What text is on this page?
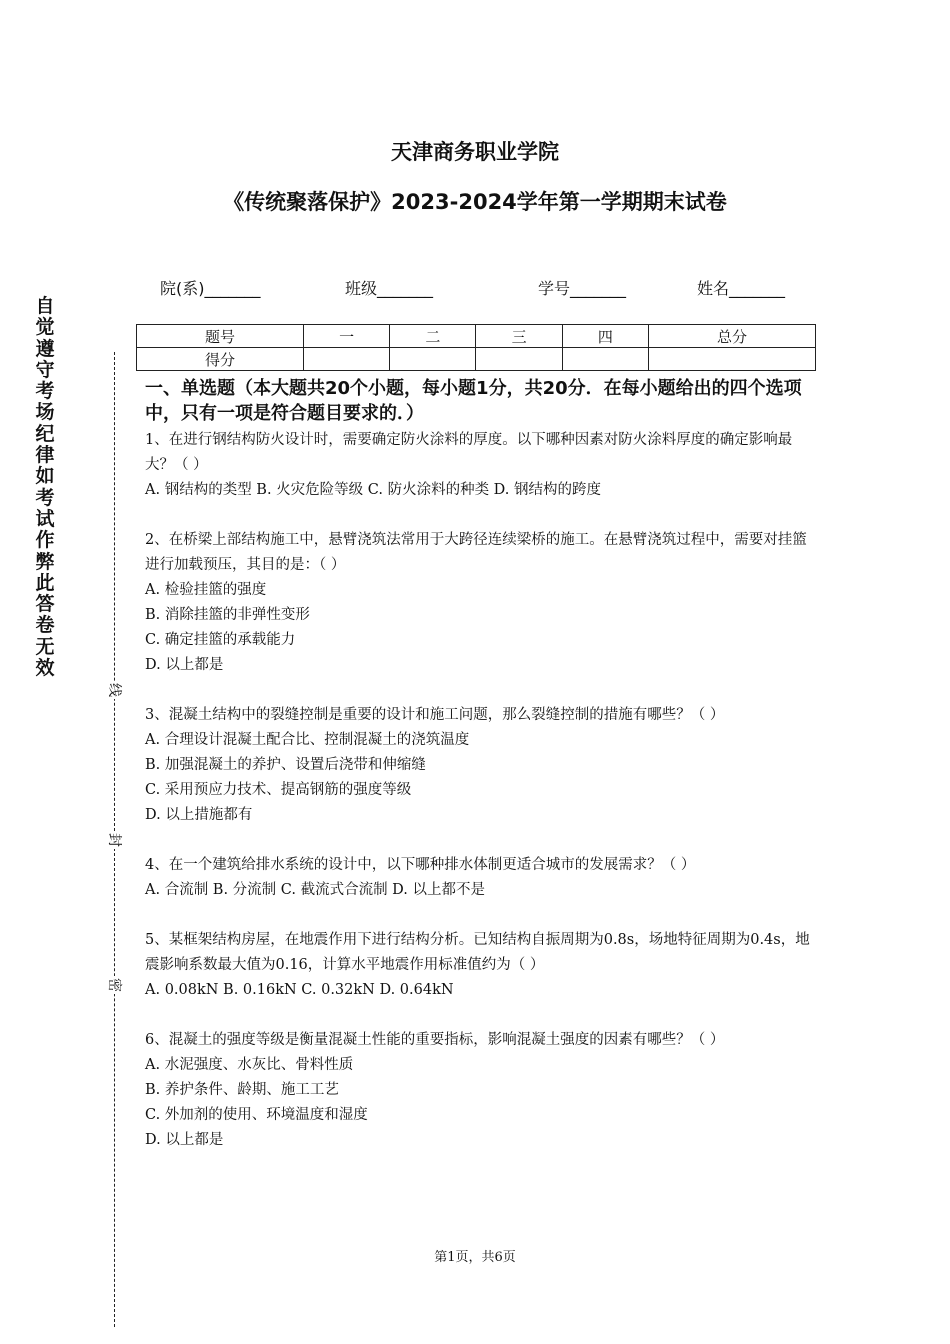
天津商务职业学院
《传统聚落保护》2023-2024学年第一学期期末试卷
院(系)_______	班级_______	学号_______	姓名_______
题号	一	二	三	四	总分
得分					
自觉遵守考场纪律如考试作弊此答卷无效
线
封
密

一、单选题（本大题共20个小题，每小题1分，共20分．在每小题给出的四个选项中，只有一项是符合题目要求的．）

1、在进行钢结构防火设计时，需要确定防火涂料的厚度。以下哪种因素对防火涂料厚度的确定影响最大？（ ）

A. 钢结构的类型 B. 火灾危险等级 C. 防火涂料的种类 D. 钢结构的跨度

2、在桥梁上部结构施工中，悬臂浇筑法常用于大跨径连续梁桥的施工。在悬臂浇筑过程中，需要对挂篮进行加载预压，其目的是：（ ）

A. 检验挂篮的强度

B. 消除挂篮的非弹性变形

C. 确定挂篮的承载能力

D. 以上都是

3、混凝土结构中的裂缝控制是重要的设计和施工问题，那么裂缝控制的措施有哪些？（ ）

A. 合理设计混凝土配合比、控制混凝土的浇筑温度

B. 加强混凝土的养护、设置后浇带和伸缩缝

C. 采用预应力技术、提高钢筋的强度等级

D. 以上措施都有

4、在一个建筑给排水系统的设计中，以下哪种排水体制更适合城市的发展需求？（ ）

A. 合流制 B. 分流制 C. 截流式合流制 D. 以上都不是

5、某框架结构房屋，在地震作用下进行结构分析。已知结构自振周期为0.8s，场地特征周期为0.4s，地震影响系数最大值为0.16，计算水平地震作用标准值约为（ ）

A. 0.08kN B. 0.16kN C. 0.32kN D. 0.64kN

6、混凝土的强度等级是衡量混凝土性能的重要指标，影响混凝土强度的因素有哪些？（ ）

A. 水泥强度、水灰比、骨料性质

B. 养护条件、龄期、施工工艺

C. 外加剂的使用、环境温度和湿度

D. 以上都是

第1页，共6页
